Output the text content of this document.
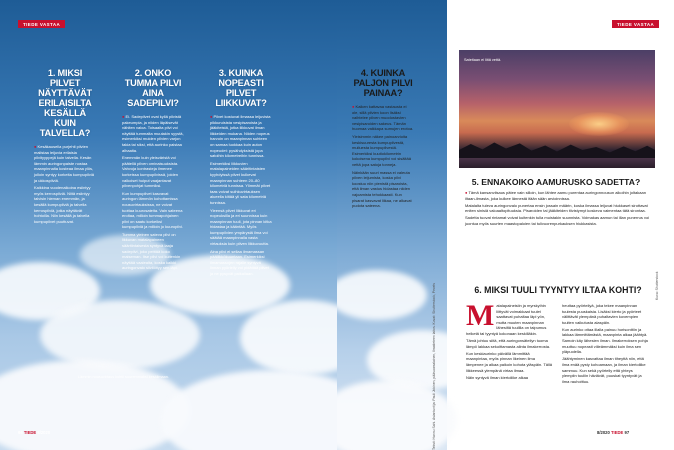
TIEDE VASTAA
1. MIKSI PILVET NÄYTTÄVÄT ERILAISILTA KESÄLLÄ KUIN TALVELLA?

● Kesäkausella purjehti pilvien malistaa leijuvia erilaisia pilvityyppejä kuin talvella. Kesän lämmin auringonpaiste nostaa maanpinnalta kosteaa ilmaa ylös, jolloin syntyy korkeita kumpupilviä ja ukkospilviä.

Kaikkina vuodenaikoina esiintyy myös kerrospilviä. Niitä esiintyy talvisin hieman enemmän, ja kesällä kumpupilviä ja talvella kerrospilviä, jotka näyttävät hohtoilla. Niin kesällä ja talvella kumpupilvet puuttuvat.

2. ONKO TUMMA PILVI AINA SADEPILVI?

● Ei. Sadepilvet ovat kyllä pilvistä pakeumpia, ja niiden läpäisevät vähiten valoa. Toisaalta pilvi voi näyttää tummalta muutakin syystä, esimerkiksi muiden pilvien varjon takia tai siksi, että aurinko paistaa alhaalta.

Enemmän kuin yleisväristä voi päätellä pilven ominaisuuksista. Vahvoja kontrasteja ilmenee korkeissa kumpupilvissä, joiden valkoiset huiput vaajantavat pilvenpohjat tummiksi.

Kun kumpupilvet kasvavat auringon lämmön kohottamissa nousuvirtauksissa, ne voivat tuottaa kuurosateita. Vain sateena eroltaa, milloin tummapohjainen pilvi on saatu korkeiksi kumpupilviä ja milloin jo kuuropilvi.

Tumma yleinen sateva pilvi on likkuvan matalapaineen sääritintaisesta syntyvä laaja sadepilvi, joko peittää koko maiseman. Itse pilvi voi kuitenkin näyttää vaalealta, koska kaikki auringonvalo siivilöityy sen läpi.

3. KUINKA NOPEASTI PILVET LIIKKUVAT?

● Pilvet kostuvat ilmassa leijuvista pikkuruisista vesipisaroista ja jääkiteistä, jotka liikkuvat ilman liikkeiden mukana. Niiden nopeus harvoin on maanpinnan suhteen on samaa luokkaa kuin auton nopeudet: pysähdyksistä jopa satoihin kilometreihin tunnissa.

Esimerkiksi liikkuvien matalapaineiden sääritintaisten kyyhdyissä pilvet kulkevat maanpinnan suhteen 20–80 kilometriä tunnissa. Ylimmät pilvet taas voivat suihkuvirtauksen alueella kiitää yli sata kilometriä tunnissa.

Yleensä pilvet liikkuvat eri nopeuksilla ja eri suunnissa kuin maanpinnan tuuli, jota pinnan kitka hidastaa ja kääntää. Myös kumpupilvien ympärystä ilma voi säätää maanpinnalla vasta virtauksia kuin pilven liikkuvuutta.

Aina pilvi ei sellaa ilmamassan päällikkökuuntaan. Esimerkiksi ilmamassojen rajalle syntyvä linnan pyörtelly voi pidättää pilvet ja ne pysyvät paikallaan.

Lämmin nousuvirtaus kohtii suuremmaksi kesäilmaan.
96 TIEDE 8/2020
4. KUINKA PALJON PILVI PAINAA?

● Kaiken kattavaa vastausta ei ole, sillä pilvien koon lisäksi vaihtelee pilven muodostavien vesipisaroiden sakeus. Tämän huomaa vaikkapa sumujen erotoa.

Yleisimmin näkee painoarvioita keskisuuresta kumpupilvestä, muiluesta kumpupilvestä. Esimerkiksi kuutiokilometrin kokoisena kumpupilvi voi sisältää vettä jopa satoja tonneja.

Näinkään suuri massa ei valeuta pilven leijumista, koska pilvi koostuu niin pienistä pisaroista, että ilman vastus hidastaa niiden vajoamista tehokkaasti. Kun pisarat kasvavat liikaa, ne alkavat pudota sateena.

TIEDE VASTAA
Teksti: Hannu Sahi. Asiantuntija: Pauli Jokinen, pääsuomalainen, Ilmatieteen laitos. Kuvat: Shutterstock, Pexels	Kuva: Shutterstock
Sateitaan ei liitä vettä.
5. ENNAKOIKO AAMURUSKO SADETTA?

● Tämä kansanviisaus pätee vain silloin, kun lähtee aamu purentaa auringonnousun aikoihin joltakaan iltaan-ilmasta, joka kulkee lännestä itään sään arvioinnissa.

Matalalta tuleva auringonvalo punertaa ensin jossain määrin, koska ilmassa leijuvat hiukkaset sirottavat eniten sinisiä valoaaltopituuksia. Pisaroiden tai jääkiteiden tiivistymyt koskeva vaimentaa tätä sirontaa.

Sadetta tuovat rintamat voivat kuitenkin tulla muistakin suunnista. Voimakas aamun tai illan punerrus voi juontua myös suurten maastopaloien tai tulivuorenpurkauksen hiukkasista.

6. MIKSI TUULI TYYNTYY ILTAA KOHTI?

Matalapaineisiin ja myrskyihin liittyvät voimakkaat tuulet saattavat puhaltaa läpi yön, mutta muuten maanpinnan lähesiltä tuulilla on taipumus heiketä tai tyyntyä kokonaan keskilläkin.

Tämä johtuu siitä, että auringonsäteilyn tuoma lämpö lakkaa sekoittamasta alinta ilmakerrosta.

Kun keskiaurinko päivällä lämmittää maanpintaa, myös pinnan likeinen ilma lämpenee ja alkaa paikoin kohota yläspäin. Tällä liikkeessä ylempänä virtaa ilmaa.

Näin syntyvä ilman kiertoliike alkaa

heuttaa pyörteilyä, joka tekee maanpinnan tuulesta puuskaisia. Lisäksi kierto ja pyörteet välittävät ylempänä puhaltavien kovempien tuulten vaikutusta alaspäin.

Kun aurinko ottaa illalla painuu horisonttiin ja lakkaa lämmittämästä, maanpinta alkaa jäähtyä. Samoin käy lähesien ilman. Ilmakerroksen pohja muuttuu nopeasti viileämmäksi kuin ilma sen yläpuolella.

Jäähtyminen kasvattaa ilman tiheyttä niin, että ilma enää pysty kohoamaan, ja ilman kiertoliike sammuu. Kun sekä pyörteily että yhteys ylempiin tuuliin häviävät, puuskat tyyntyvät ja ilma rauhoittuu.

8/2020 TIEDE 97
